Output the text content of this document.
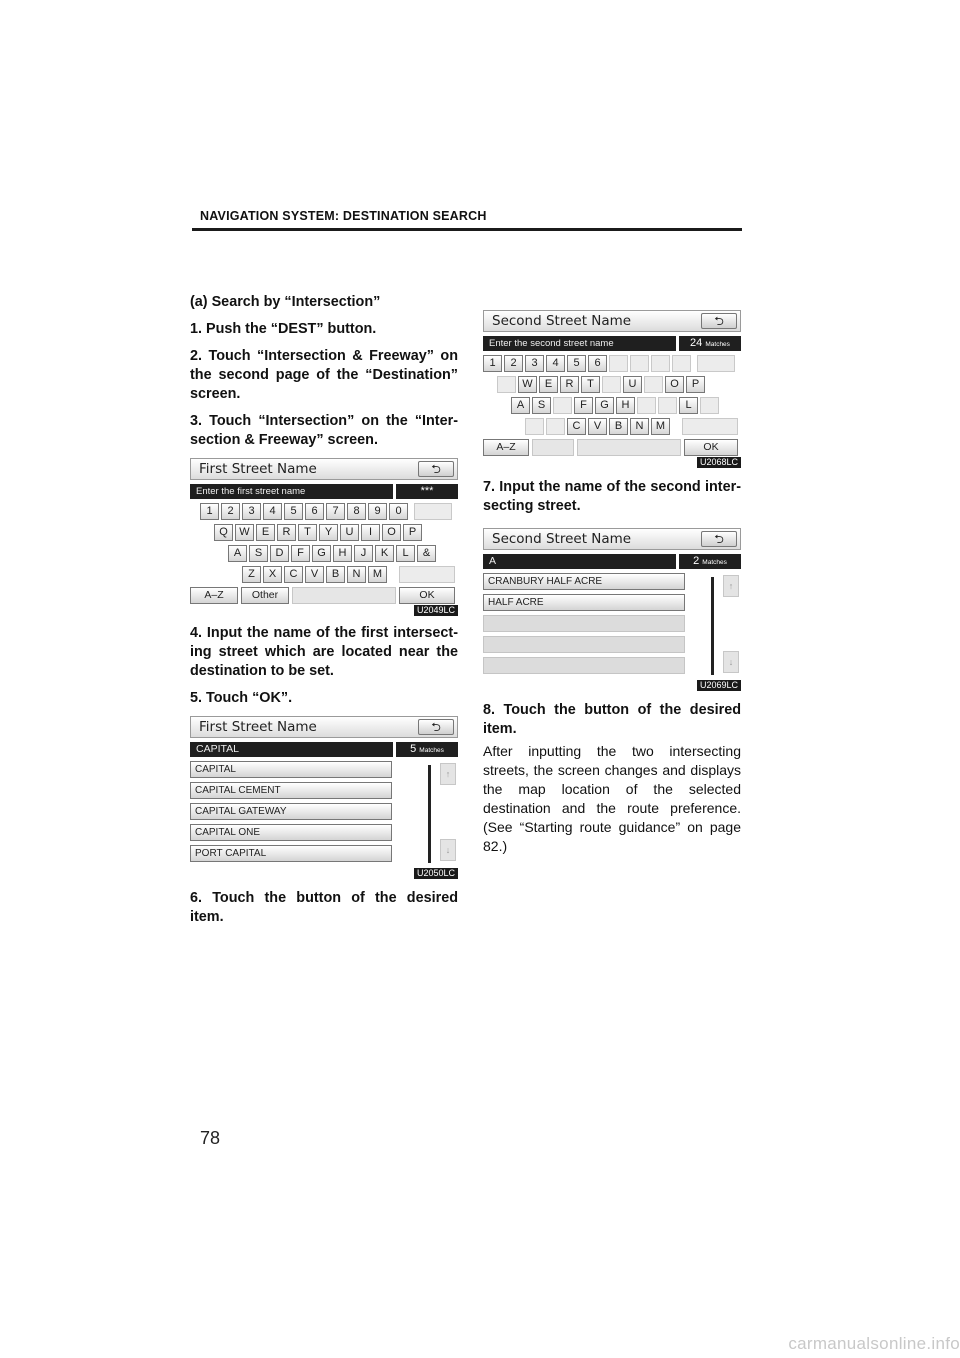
NAVIGATION SYSTEM: DESTINATION SEARCH

(a) Search by “Intersection”

1. Push the “DEST” button.

2. Touch “Intersection & Freeway” on the second page of the “Destination” screen.

3. Touch “Intersection” on the “Inter-section & Freeway” screen.

First Street Name	⮌
Enter the first street name	***
1	2	3	4	5	6	7	8	9	0
Q	W	E	R	T	Y	U	I	O	P
A	S	D	F	G	H	J	K	L	&
Z	X	C	V	B	N	M
A–Z	Other	OK
U2049LC

4. Input the name of the first intersect-ing street which are located near the destination to be set.

5. Touch “OK”.

First Street Name	⮌
CAPITAL	5 Matches
CAPITAL
CAPITAL CEMENT
CAPITAL GATEWAY
CAPITAL ONE
PORT CAPITAL
↑
↓
U2050LC

6. Touch the button of the desired item.

Second Street Name	⮌
Enter the second street name	24 Matches
1	2	3	4	5	6
W	E	R	T	U	O	P
A	S	F	G	H	L
C	V	B	N	M
A–Z	OK
U2068LC

7. Input the name of the second inter-secting street.

Second Street Name	⮌
A	2 Matches
CRANBURY HALF ACRE
HALF ACRE
↑
↓
U2069LC

8. Touch the button of the desired item.

After inputting the two intersecting streets, the screen changes and displays the map location of the selected destination and the route preference. (See “Starting route guidance” on page 82.)

78
carmanualsonline.info
